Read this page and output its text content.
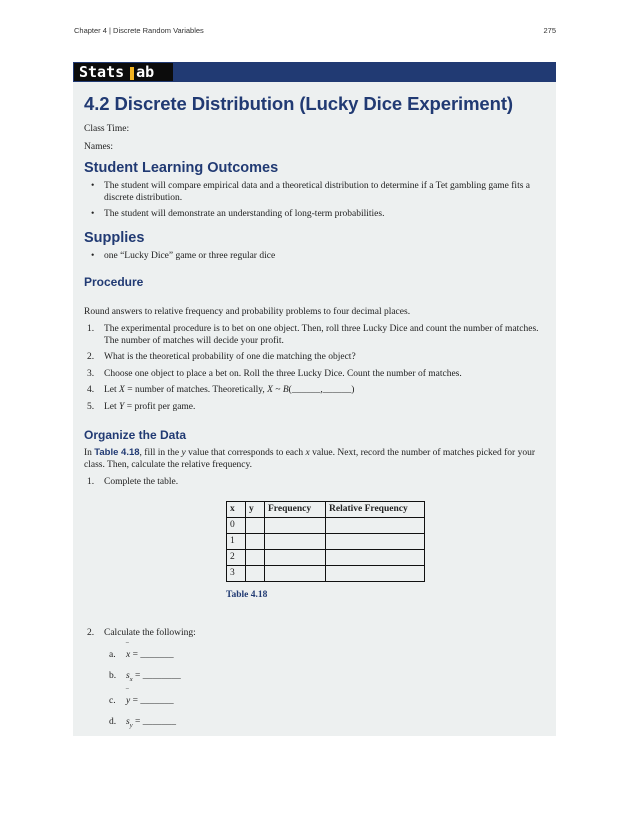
Chapter 4 | Discrete Random Variables	275
Stats ab
4.2 Discrete Distribution (Lucky Dice Experiment)

Class Time:

Names:

Student Learning Outcomes
• The student will compare empirical data and a theoretical distribution to determine if a Tet gambling game fits a discrete distribution.
• The student will demonstrate an understanding of long-term probabilities.
Supplies
• one “Lucky Dice” game or three regular dice
Procedure

Round answers to relative frequency and probability problems to four decimal places.

1. The experimental procedure is to bet on one object. Then, roll three Lucky Dice and count the number of matches. The number of matches will decide your profit.
2. What is the theoretical probability of one die matching the object?
3. Choose one object to place a bet on. Roll the three Lucky Dice. Count the number of matches.
4. Let X = number of matches. Theoretically, X ~ B(______,______)
5. Let Y = profit per game.
Organize the Data

In Table 4.18, fill in the y value that corresponds to each x value. Next, record the number of matches picked for your class. Then, calculate the relative frequency.

1. Complete the table.
x	y	Frequency	Relative Frequency
0			
1			
2			
3			
Table 4.18
2. Calculate the following:
a. ‾ x = _______
b. $s_x$ = ________
c. ‾ y = _______
d. $s_y$ = _______
